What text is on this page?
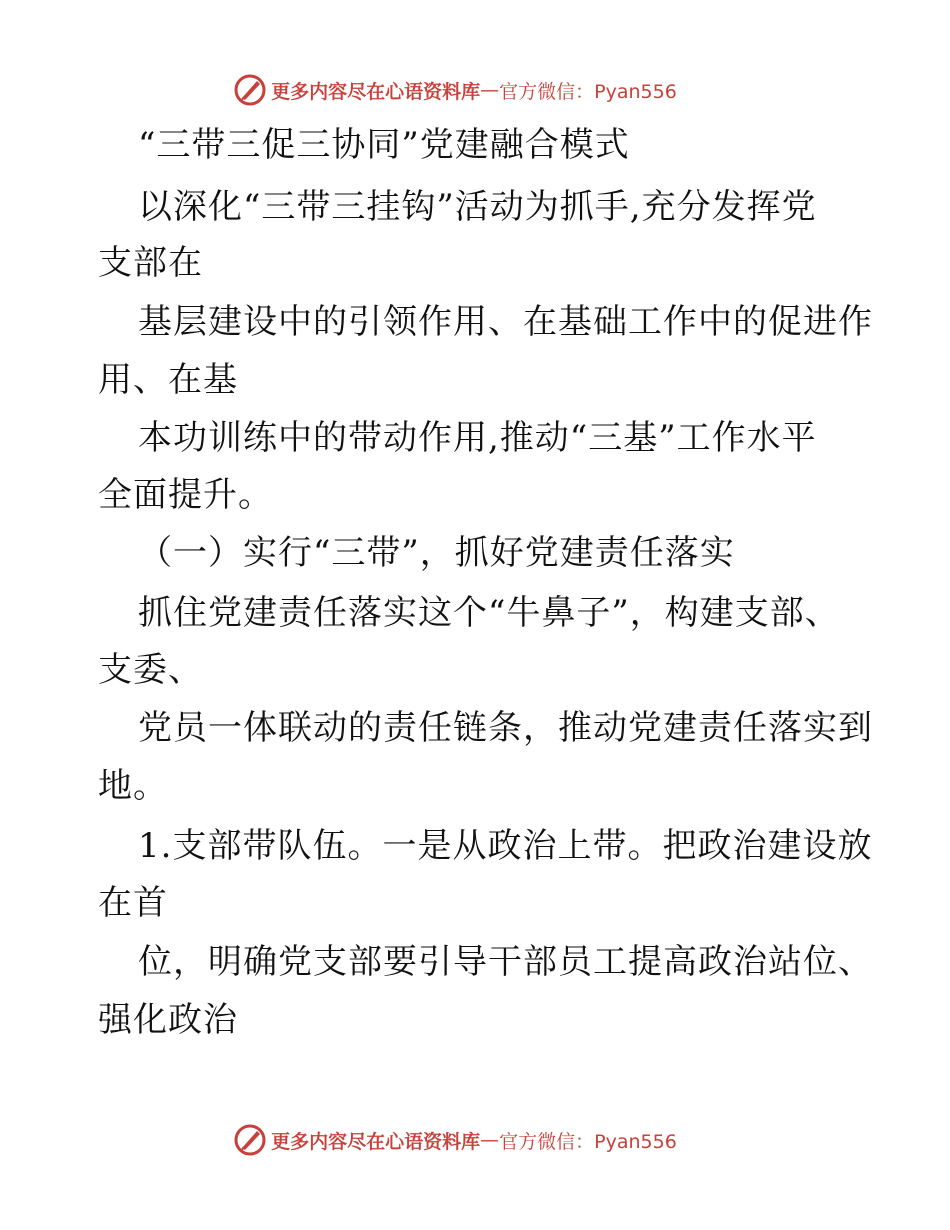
更多内容尽在心语资料库 — 官方微信：Pyan556
“三带三促三协同”党建融合模式
以深化“三带三挂钩”活动为抓手,充分发挥党
支部在
基层建设中的引领作用、在基础工作中的促进作
用、在基
本功训练中的带动作用,推动“三基”工作水平
全面提升。
（一）实行“三带”，抓好党建责任落实
抓住党建责任落实这个“牛鼻子”，构建支部、
支委、
党员一体联动的责任链条，推动党建责任落实到
地。
1.支部带队伍。一是从政治上带。把政治建设放
在首
位，明确党支部要引导干部员工提高政治站位、
强化政治
更多内容尽在心语资料库 — 官方微信：Pyan556
